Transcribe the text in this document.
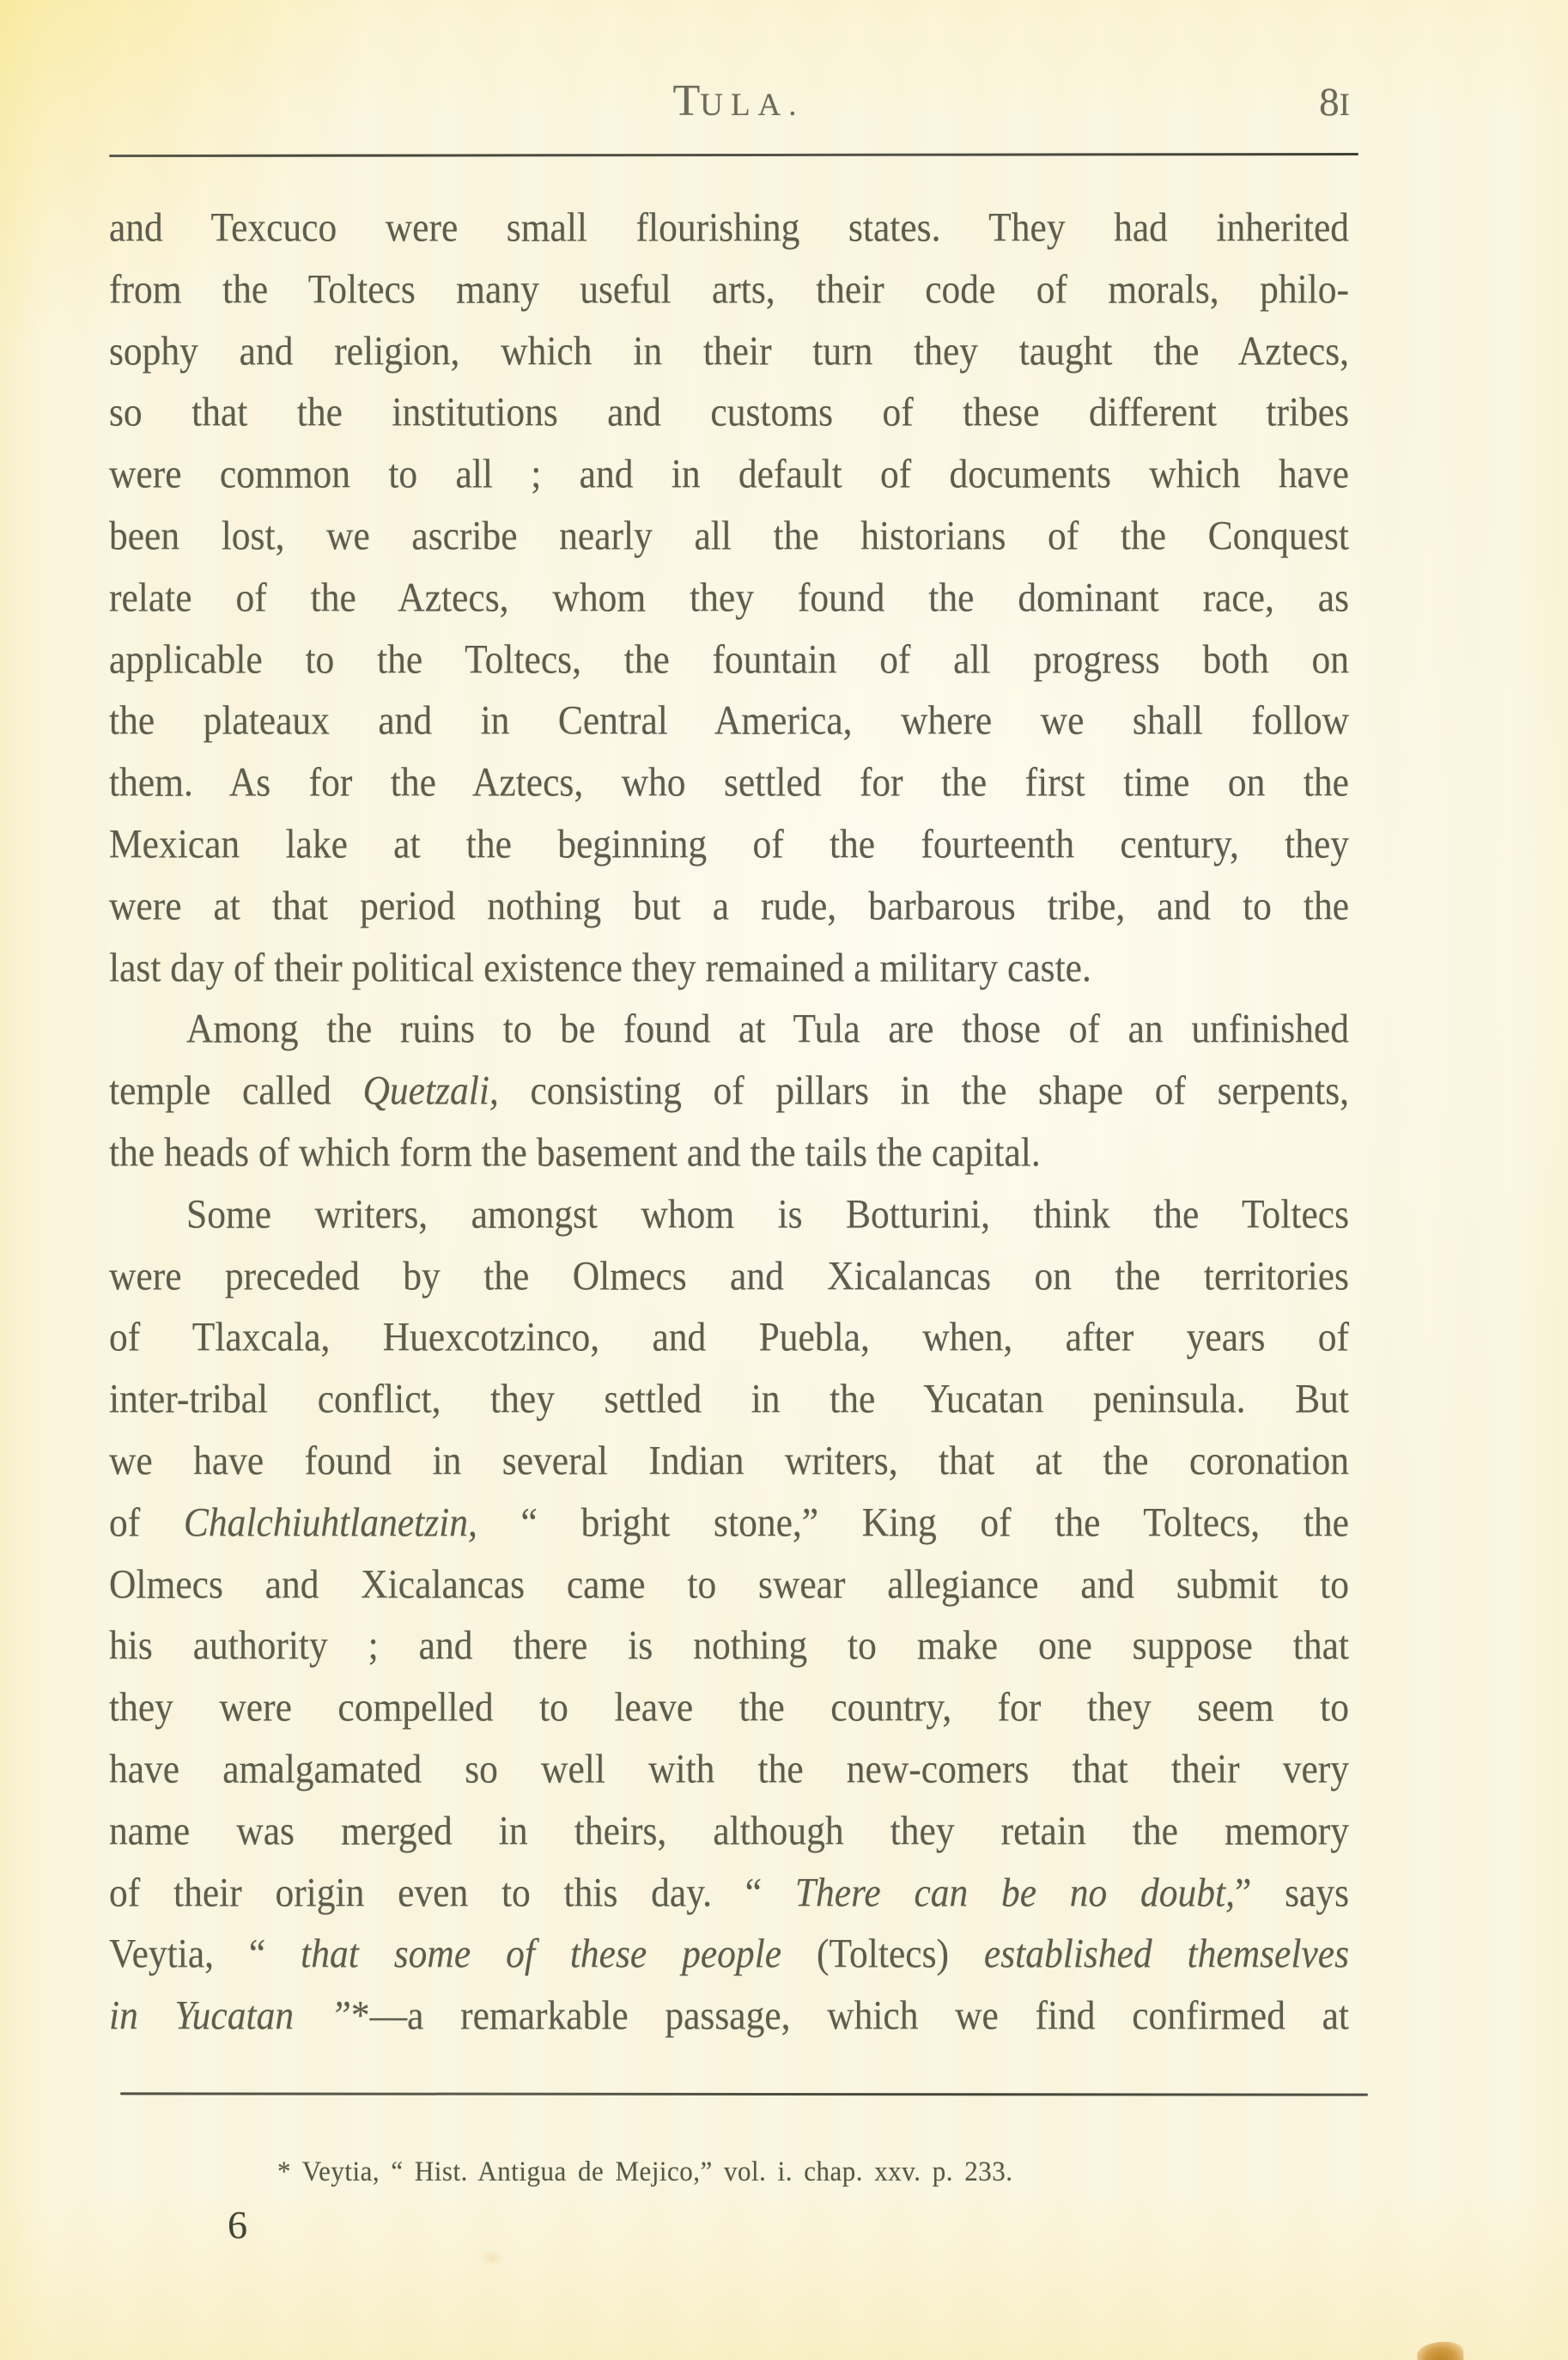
TULA.	8I
and Texcuco were small flourishing states. They had inherited
from the Toltecs many useful arts, their code of morals, philo-
sophy and religion, which in their turn they taught the Aztecs,
so that the institutions and customs of these different tribes
were common to all ; and in default of documents which have
been lost, we ascribe nearly all the historians of the Conquest
relate of the Aztecs, whom they found the dominant race, as
applicable to the Toltecs, the fountain of all progress both on
the plateaux and in Central America, where we shall follow
them. As for the Aztecs, who settled for the first time on the
Mexican lake at the beginning of the fourteenth century, they
were at that period nothing but a rude, barbarous tribe, and to the
last day of their political existence they remained a military caste.
Among the ruins to be found at Tula are those of an unfinished
temple called Quetzali, consisting of pillars in the shape of serpents,
the heads of which form the basement and the tails the capital.
Some writers, amongst whom is Botturini, think the Toltecs
were preceded by the Olmecs and Xicalancas on the territories
of Tlaxcala, Huexcotzinco, and Puebla, when, after years of
inter-tribal conflict, they settled in the Yucatan peninsula. But
we have found in several Indian writers, that at the coronation
of Chalchiuhtlanetzin, “ bright stone,” King of the Toltecs, the
Olmecs and Xicalancas came to swear allegiance and submit to
his authority ; and there is nothing to make one suppose that
they were compelled to leave the country, for they seem to
have amalgamated so well with the new-comers that their very
name was merged in theirs, although they retain the memory
of their origin even to this day. “ There can be no doubt,” says
Veytia, “ that some of these people (Toltecs) established themselves
in Yucatan ”*—a remarkable passage, which we find confirmed at
* Veytia, “ Hist. Antigua de Mejico,” vol. i. chap. xxv. p. 233.
6
